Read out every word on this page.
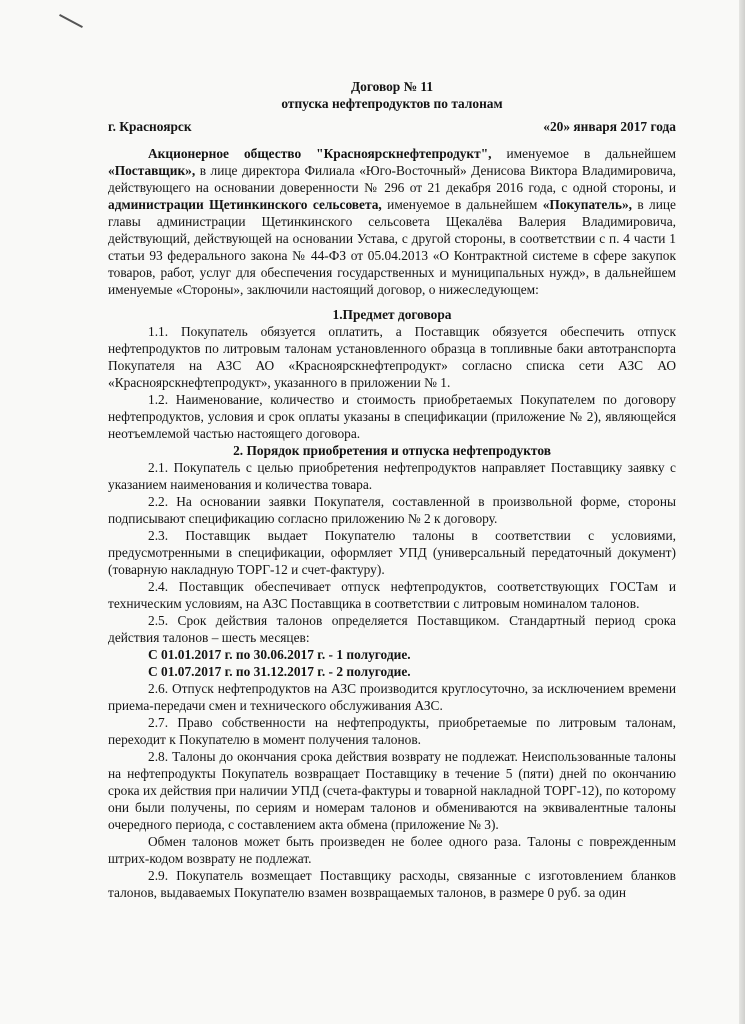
Договор № 11

отпуска нефтепродуктов по талонам

г. Красноярск	«20» января 2017 года

Акционерное общество "Красноярскнефтепродукт", именуемое в дальнейшем «Поставщик», в лице директора Филиала «Юго-Восточный» Денисова Виктора Владимировича, действующего на основании доверенности № 296 от 21 декабря 2016 года, с одной стороны, и администрации Щетинкинского сельсовета, именуемое в дальнейшем «Покупатель», в лице главы администрации Щетинкинского сельсовета Щекалёва Валерия Владимировича, действующий, действующей на основании Устава, с другой стороны, в соответствии с п. 4 части 1 статьи 93 федерального закона № 44-ФЗ от 05.04.2013 «О Контрактной системе в сфере закупок товаров, работ, услуг для обеспечения государственных и муниципальных нужд», в дальнейшем именуемые «Стороны», заключили настоящий договор, о нижеследующем:

1.Предмет договора

1.1. Покупатель обязуется оплатить, а Поставщик обязуется обеспечить отпуск нефтепродуктов по литровым талонам установленного образца в топливные баки автотранспорта Покупателя на АЗС АО «Красноярскнефтепродукт» согласно списка сети АЗС АО «Красноярскнефтепродукт», указанного в приложении № 1.

1.2. Наименование, количество и стоимость приобретаемых Покупателем по договору нефтепродуктов, условия и срок оплаты указаны в спецификации (приложение № 2), являющейся неотъемлемой частью настоящего договора.

2. Порядок приобретения и отпуска нефтепродуктов

2.1. Покупатель с целью приобретения нефтепродуктов направляет Поставщику заявку с указанием наименования и количества товара.

2.2. На основании заявки Покупателя, составленной в произвольной форме, стороны подписывают спецификацию согласно приложению № 2 к договору.

2.3. Поставщик выдает Покупателю талоны в соответствии с условиями, предусмотренными в спецификации, оформляет УПД (универсальный передаточный документ) (товарную накладную ТОРГ-12 и счет-фактуру).

2.4. Поставщик обеспечивает отпуск нефтепродуктов, соответствующих ГОСТам и техническим условиям, на АЗС Поставщика в соответствии с литровым номиналом талонов.

2.5. Срок действия талонов определяется Поставщиком. Стандартный период срока действия талонов – шесть месяцев:

С 01.01.2017 г. по 30.06.2017 г. - 1 полугодие.

С 01.07.2017 г. по 31.12.2017 г. - 2 полугодие.

2.6. Отпуск нефтепродуктов на АЗС производится круглосуточно, за исключением времени приема-передачи смен и технического обслуживания АЗС.

2.7. Право собственности на нефтепродукты, приобретаемые по литровым талонам, переходит к Покупателю в момент получения талонов.

2.8. Талоны до окончания срока действия возврату не подлежат. Неиспользованные талоны на нефтепродукты Покупатель возвращает Поставщику в течение 5 (пяти) дней по окончанию срока их действия при наличии УПД (счета-фактуры и товарной накладной ТОРГ-12), по которому они были получены, по сериям и номерам талонов и обмениваются на эквивалентные талоны очередного периода, с составлением акта обмена (приложение № 3).

Обмен талонов может быть произведен не более одного раза. Талоны с поврежденным штрих-кодом возврату не подлежат.

2.9. Покупатель возмещает Поставщику расходы, связанные с изготовлением бланков талонов, выдаваемых Покупателю взамен возвращаемых талонов, в размере 0 руб. за один
